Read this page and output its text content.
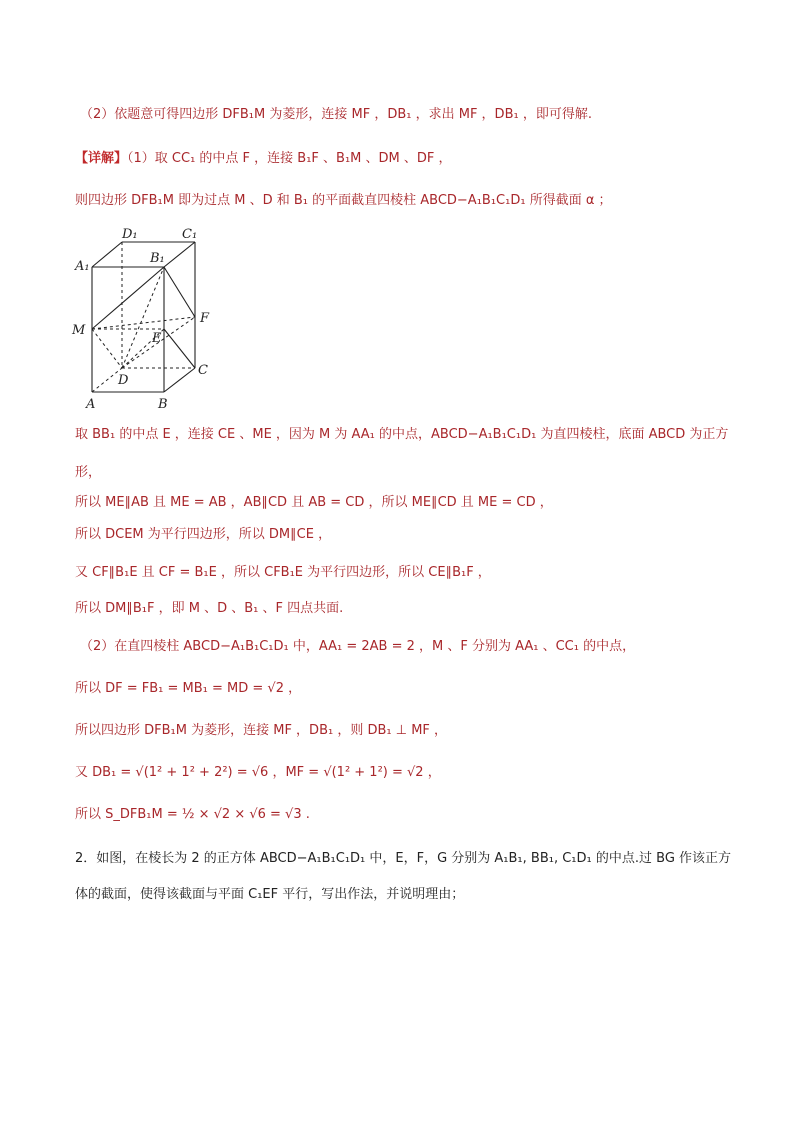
（2）依题意可得四边形 DFB₁M 为菱形，连接 MF ，DB₁ ，求出 MF ，DB₁ ，即可得解.
【详解】（1）取 CC₁ 的中点 F ，连接 B₁F 、B₁M 、DM 、DF ，
则四边形 DFB₁M 即为过点 M 、D 和 B₁ 的平面截直四棱柱 ABCD−A₁B₁C₁D₁ 所得截面 α ；
D₁	C₁
A₁
B₁
M
F
E
D
C
A	B
取 BB₁ 的中点 E ，连接 CE 、ME ，因为 M 为 AA₁ 的中点，ABCD−A₁B₁C₁D₁ 为直四棱柱，底面 ABCD 为正方
形，
所以 ME∥AB 且 ME = AB ，AB∥CD 且 AB = CD ，所以 ME∥CD 且 ME = CD ，
所以 DCEM 为平行四边形，所以 DM∥CE ，
又 CF∥B₁E 且 CF = B₁E ，所以 CFB₁E 为平行四边形，所以 CE∥B₁F ，
所以 DM∥B₁F ，即 M 、D 、B₁ 、F 四点共面.
（2）在直四棱柱 ABCD−A₁B₁C₁D₁ 中，AA₁ = 2AB = 2 ，M 、F 分别为 AA₁ 、CC₁ 的中点，
所以 DF = FB₁ = MB₁ = MD = √2 ，
所以四边形 DFB₁M 为菱形，连接 MF ，DB₁ ，则 DB₁ ⊥ MF ，
又 DB₁ = √(1² + 1² + 2²) = √6 ，MF = √(1² + 1²) = √2 ，
所以 S_DFB₁M = ½ × √2 × √6 = √3 .
2．如图，在棱长为 2 的正方体 ABCD−A₁B₁C₁D₁ 中，E，F，G 分别为 A₁B₁, BB₁, C₁D₁ 的中点.过 BG 作该正方
体的截面，使得该截面与平面 C₁EF 平行，写出作法，并说明理由；
